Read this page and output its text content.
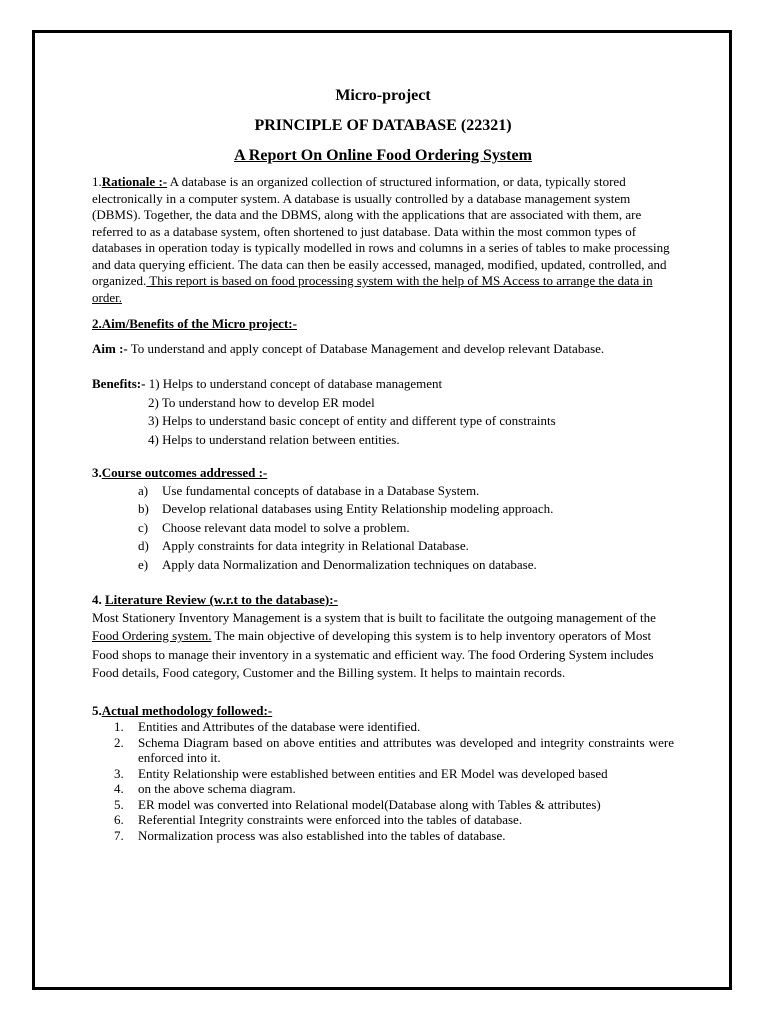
Micro-project
PRINCIPLE OF DATABASE (22321)
A Report On Online Food Ordering System

1.Rationale :- A database is an organized collection of structured information, or data, typically stored electronically in a computer system. A database is usually controlled by a database management system (DBMS). Together, the data and the DBMS, along with the applications that are associated with them, are referred to as a database system, often shortened to just database. Data within the most common types of databases in operation today is typically modelled in rows and columns in a series of tables to make processing and data querying efficient. The data can then be easily accessed, managed, modified, updated, controlled, and organized. This report is based on food processing system with the help of MS Access to arrange the data in order.

2.Aim/Benefits of the Micro project:-

Aim :- To understand and apply concept of Database Management and develop relevant Database.

Benefits:- 1) Helps to understand concept of database management

2) To understand how to develop ER model

3) Helps to understand basic concept of entity and different type of constraints

4) Helps to understand relation between entities.

3.Course outcomes addressed :-

a)	Use fundamental concepts of database in a Database System.
b)	Develop relational databases using Entity Relationship modeling approach.
c)	Choose relevant data model to solve a problem.
d)	Apply constraints for data integrity in Relational Database.
e)	Apply data Normalization and Denormalization techniques on database.

4. Literature Review (w.r.t to the database):-

Most Stationery Inventory Management is a system that is built to facilitate the outgoing management of the Food Ordering system. The main objective of developing this system is to help inventory operators of Most Food shops to manage their inventory in a systematic and efficient way. The food Ordering System includes Food details, Food category, Customer and the Billing system. It helps to maintain records.

5.Actual methodology followed:-

1.	Entities and Attributes of the database were identified.
2.	Schema Diagram based on above entities and attributes was developed and integrity constraints were enforced into it.
3.	Entity Relationship were established between entities and ER Model was developed based
4.	on the above schema diagram.
5.	ER model was converted into Relational model(Database along with Tables & attributes)
6.	Referential Integrity constraints were enforced into the tables of database.
7.	Normalization process was also established into the tables of database.
